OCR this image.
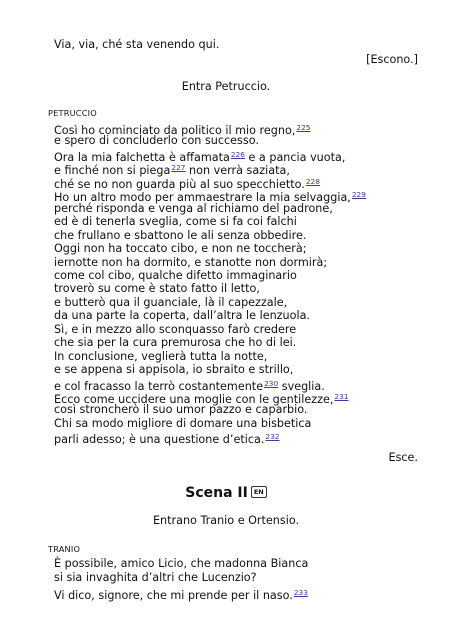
Via, via, ché sta venendo qui.
[Escono.]
Entra Petruccio.
PETRUCCIO
Così ho cominciato da politico il mio regno,$^{225}$
e spero di concluderlo con successo.
Ora la mia falchetta è affamata$^{226}$ e a pancia vuota,
e finché non si piega$^{227}$ non verrà saziata,
ché se no non guarda più al suo specchietto.$^{228}$
Ho un altro modo per ammaestrare la mia selvaggia,$^{229}$
perché risponda e venga al richiamo del padrone,
ed è di tenerla sveglia, come si fa coi falchi
che frullano e sbattono le ali senza obbedire.
Oggi non ha toccato cibo, e non ne toccherà;
iernotte non ha dormito, e stanotte non dormirà;
come col cibo, qualche difetto immaginario
troverò su come è stato fatto il letto,
e butterò qua il guanciale, là il capezzale,
da una parte la coperta, dall’altra le lenzuola.
Sì, e in mezzo allo sconquasso farò credere
che sia per la cura premurosa che ho di lei.
In conclusione, veglierà tutta la notte,
e se appena si appisola, io sbraito e strillo,
e col fracasso la terrò costantemente$^{230}$ sveglia.
Ecco come uccidere una moglie con le gentilezze,$^{231}$
così stroncherò il suo umor pazzo e caparbio.
Chi sa modo migliore di domare una bisbetica
parli adesso; è una questione d’etica.$^{232}$
Esce.
Scena II EN
Entrano Tranio e Ortensio.
TRANIO
È possibile, amico Licio, che madonna Bianca
si sia invaghita d’altri che Lucenzio?
Vi dico, signore, che mi prende per il naso.$^{233}$
